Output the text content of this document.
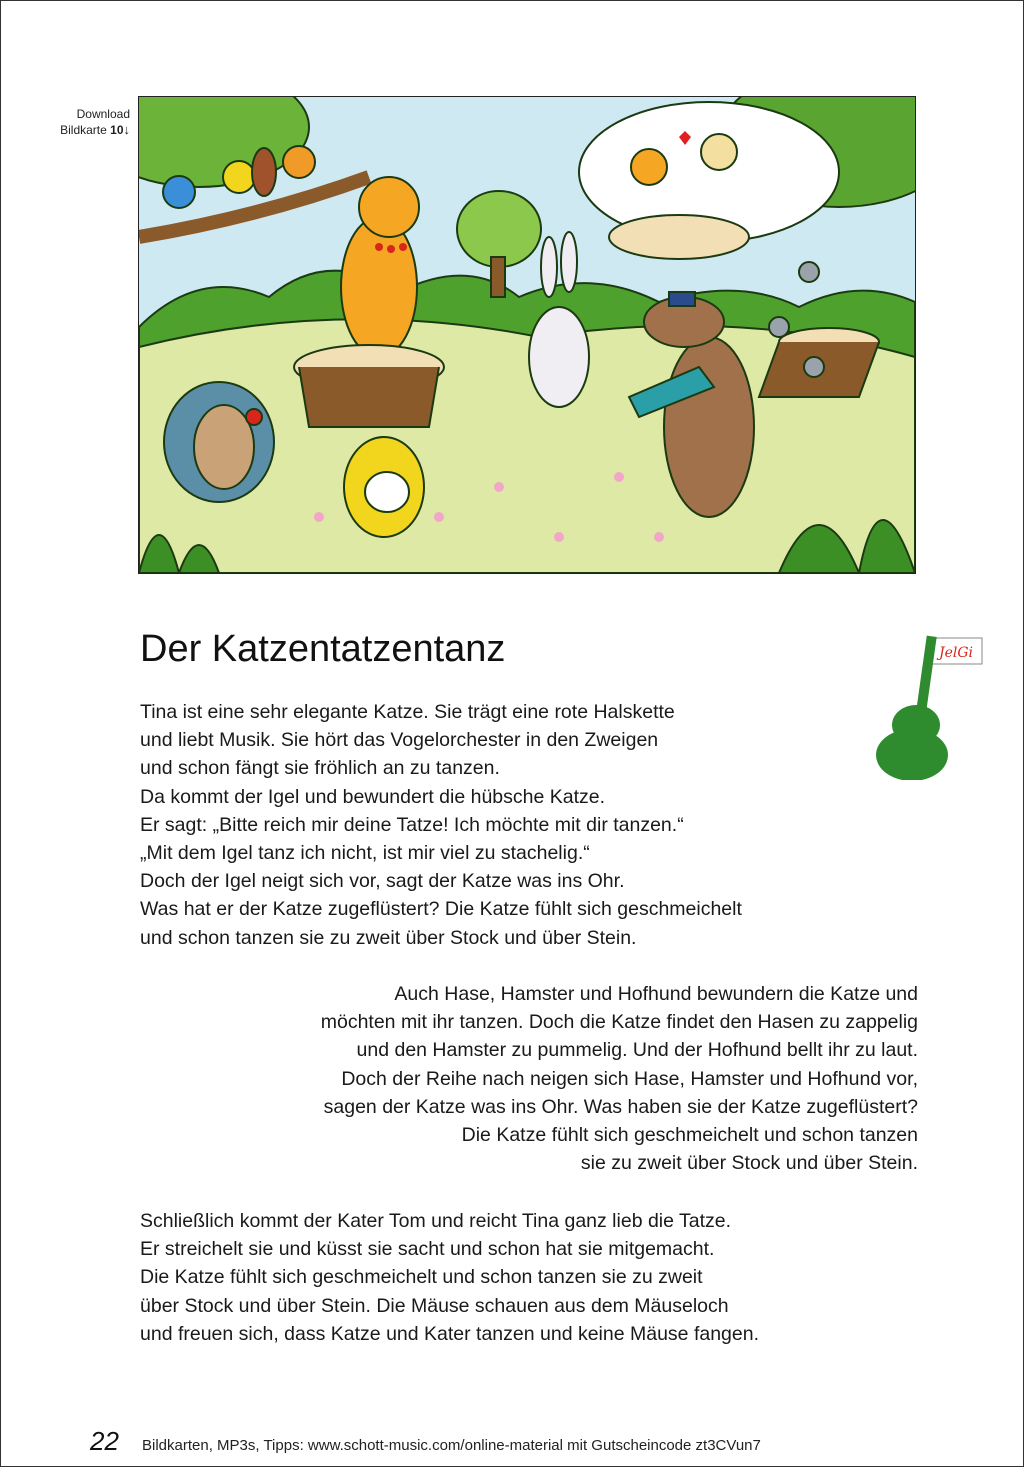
Download
Bildkarte 10↓
Der Katzentatzentanz	JelGi
Tina ist eine sehr elegante Katze. Sie trägt eine rote Halskette
und liebt Musik. Sie hört das Vogelorchester in den Zweigen
und schon fängt sie fröhlich an zu tanzen.
Da kommt der Igel und bewundert die hübsche Katze.
Er sagt: „Bitte reich mir deine Tatze! Ich möchte mit dir tanzen.“
„Mit dem Igel tanz ich nicht, ist mir viel zu stachelig.“
Doch der Igel neigt sich vor, sagt der Katze was ins Ohr.
Was hat er der Katze zugeflüstert? Die Katze fühlt sich geschmeichelt
und schon tanzen sie zu zweit über Stock und über Stein.
Auch Hase, Hamster und Hofhund bewundern die Katze und
möchten mit ihr tanzen. Doch die Katze findet den Hasen zu zappelig
und den Hamster zu pummelig. Und der Hofhund bellt ihr zu laut.
Doch der Reihe nach neigen sich Hase, Hamster und Hofhund vor,
sagen der Katze was ins Ohr. Was haben sie der Katze zugeflüstert?
Die Katze fühlt sich geschmeichelt und schon tanzen
sie zu zweit über Stock und über Stein.
Schließlich kommt der Kater Tom und reicht Tina ganz lieb die Tatze.
Er streichelt sie und küsst sie sacht und schon hat sie mitgemacht.
Die Katze fühlt sich geschmeichelt und schon tanzen sie zu zweit
über Stock und über Stein. Die Mäuse schauen aus dem Mäuseloch
und freuen sich, dass Katze und Kater tanzen und keine Mäuse fangen.
22	Bildkarten, MP3s, Tipps: www.schott-music.com/online-material mit Gutscheincode zt3CVun7
